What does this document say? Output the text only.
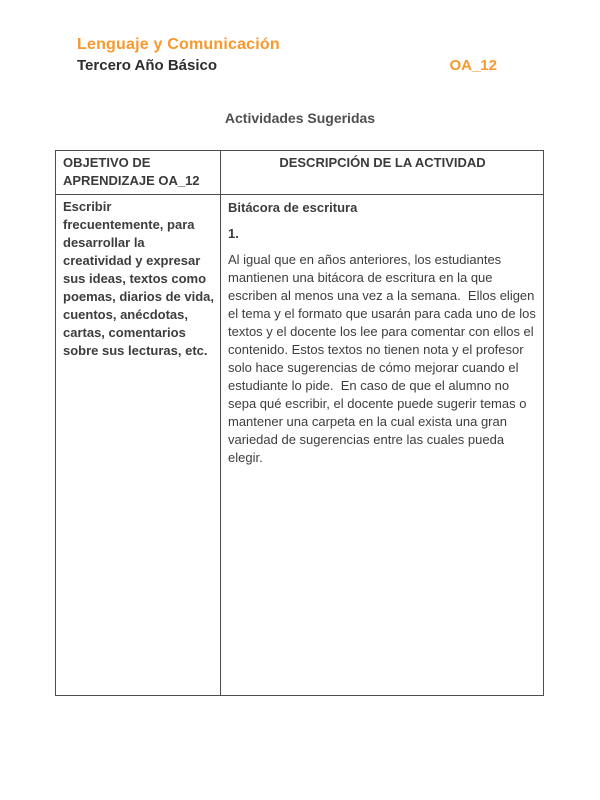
Lenguaje y Comunicación
Tercero Año Básico	OA_12
Actividades Sugeridas
OBJETIVO DE APRENDIZAJE OA_12	DESCRIPCIÓN DE LA ACTIVIDAD

Escribir frecuentemente, para desarrollar la creatividad y expresar sus ideas, textos como poemas, diarios de vida, cuentos, anécdotas, cartas, comentarios sobre sus lecturas, etc.	Bitácora de escritura
1.
Al igual que en años anteriores, los estudiantes mantienen una bitácora de escritura en la que escriben al menos una vez a la semana.  Ellos eligen el tema y el formato que usarán para cada uno de los textos y el docente los lee para comentar con ellos el contenido. Estos textos no tienen nota y el profesor solo hace sugerencias de cómo mejorar cuando el estudiante lo pide.  En caso de que el alumno no sepa qué escribir, el docente puede sugerir temas o mantener una carpeta en la cual exista una gran variedad de sugerencias entre las cuales pueda elegir.
